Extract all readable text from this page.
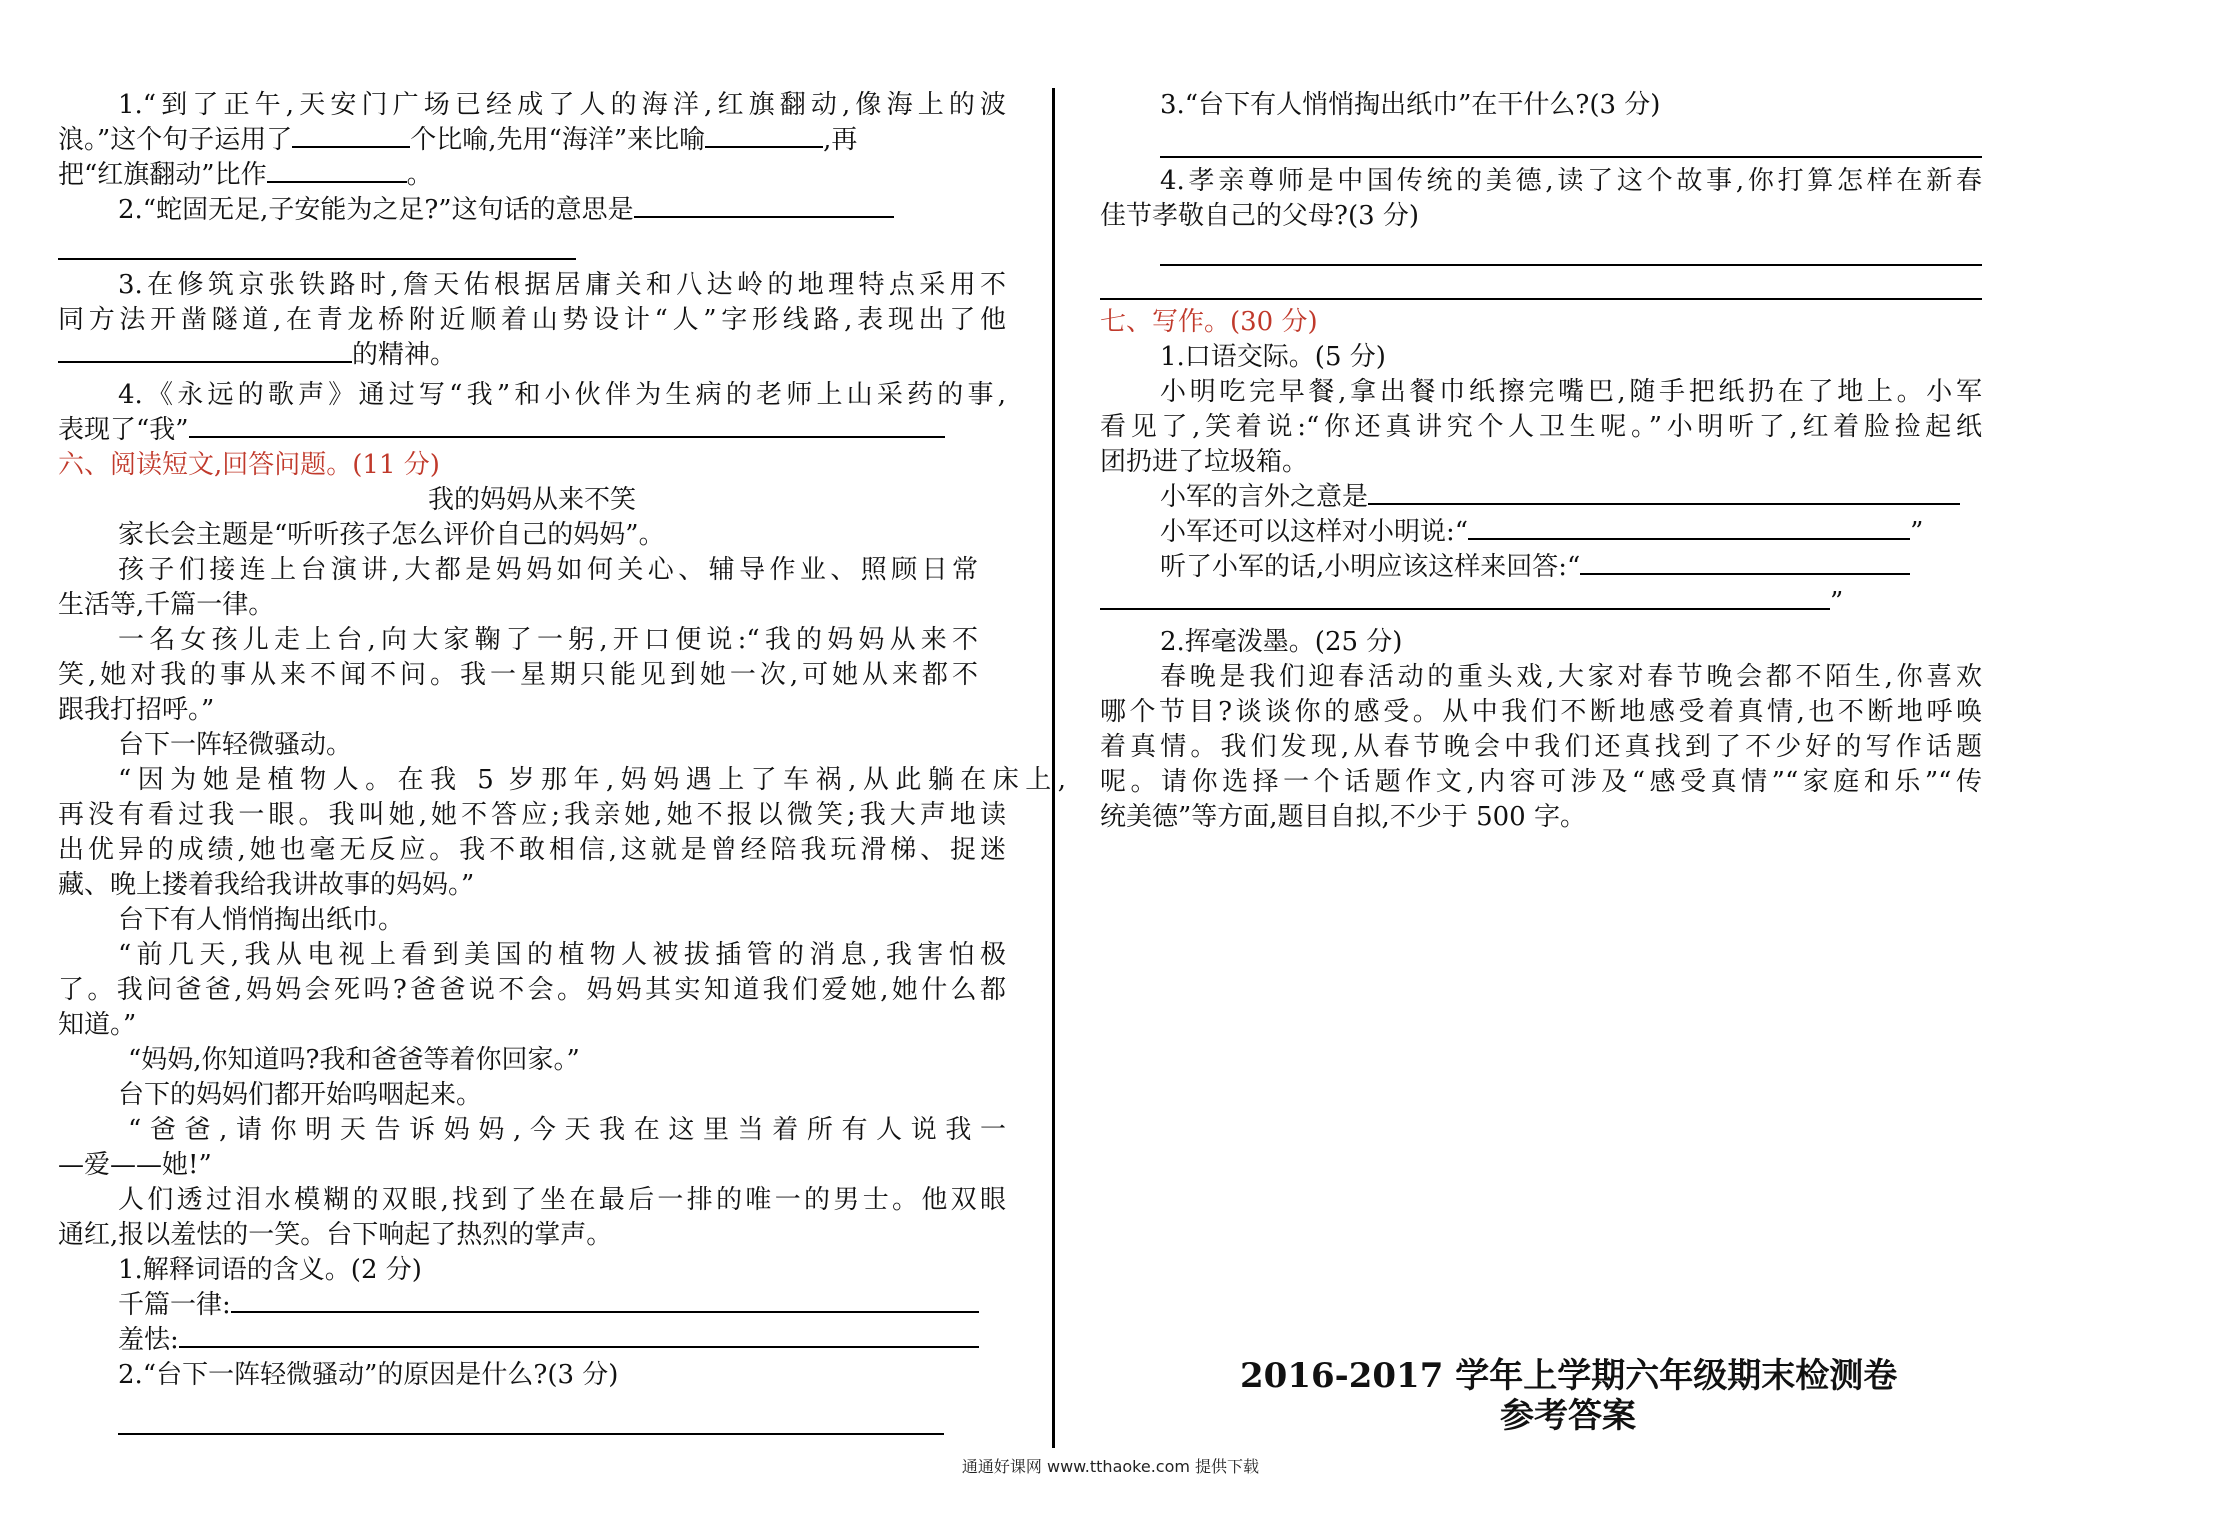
1.“到了正午,天安门广场已经成了人的海洋,红旗翻动,像海上的波
浪。”这个句子运用了	个比喻,先用“海洋”来比喻	,再
把“红旗翻动”比作	。
2.“蛇固无足,子安能为之足?”这句话的意思是
3.在修筑京张铁路时,詹天佑根据居庸关和八达岭的地理特点采用不
同方法开凿隧道,在青龙桥附近顺着山势设计“人”字形线路,表现出了他
的精神。
4.《永远的歌声》通过写“我”和小伙伴为生病的老师上山采药的事,
表现了“我”
六、阅读短文,回答问题。(11 分)
我的妈妈从来不笑
家长会主题是“听听孩子怎么评价自己的妈妈”。
孩子们接连上台演讲,大都是妈妈如何关心、辅导作业、照顾日常
生活等,千篇一律。
一名女孩儿走上台,向大家鞠了一躬,开口便说:“我的妈妈从来不
笑,她对我的事从来不闻不问。我一星期只能见到她一次,可她从来都不
跟我打招呼。”
台下一阵轻微骚动。
“因为她是植物人。在我 5 岁那年,妈妈遇上了车祸,从此躺在床上,
再没有看过我一眼。我叫她,她不答应;我亲她,她不报以微笑;我大声地读
出优异的成绩,她也毫无反应。我不敢相信,这就是曾经陪我玩滑梯、捉迷
藏、晚上搂着我给我讲故事的妈妈。”
台下有人悄悄掏出纸巾。
“前几天,我从电视上看到美国的植物人被拔插管的消息,我害怕极
了。我问爸爸,妈妈会死吗?爸爸说不会。妈妈其实知道我们爱她,她什么都
知道。”
“妈妈,你知道吗?我和爸爸等着你回家。”
台下的妈妈们都开始呜咽起来。
“爸爸,请你明天告诉妈妈,今天我在这里当着所有人说我一
—爱——她!”
人们透过泪水模糊的双眼,找到了坐在最后一排的唯一的男士。他双眼
通红,报以羞怯的一笑。台下响起了热烈的掌声。
1.解释词语的含义。(2 分)
千篇一律:
羞怯:
2.“台下一阵轻微骚动”的原因是什么?(3 分)
3.“台下有人悄悄掏出纸巾”在干什么?(3 分)
4.孝亲尊师是中国传统的美德,读了这个故事,你打算怎样在新春
佳节孝敬自己的父母?(3 分)
七、写作。(30 分)
1.口语交际。(5 分)
小明吃完早餐,拿出餐巾纸擦完嘴巴,随手把纸扔在了地上。小军
看见了,笑着说:“你还真讲究个人卫生呢。”小明听了,红着脸捡起纸
团扔进了垃圾箱。
小军的言外之意是
小军还可以这样对小明说:“	”
听了小军的话,小明应该这样来回答:“
”
2.挥毫泼墨。(25 分)
春晚是我们迎春活动的重头戏,大家对春节晚会都不陌生,你喜欢
哪个节目?谈谈你的感受。从中我们不断地感受着真情,也不断地呼唤
着真情。我们发现,从春节晚会中我们还真找到了不少好的写作话题
呢。请你选择一个话题作文,内容可涉及“感受真情”“家庭和乐”“传
统美德”等方面,题目自拟,不少于 500 字。
2016-2017 学年上学期六年级期末检测卷
参考答案
通通好课网 www.tthaoke.com 提供下载
